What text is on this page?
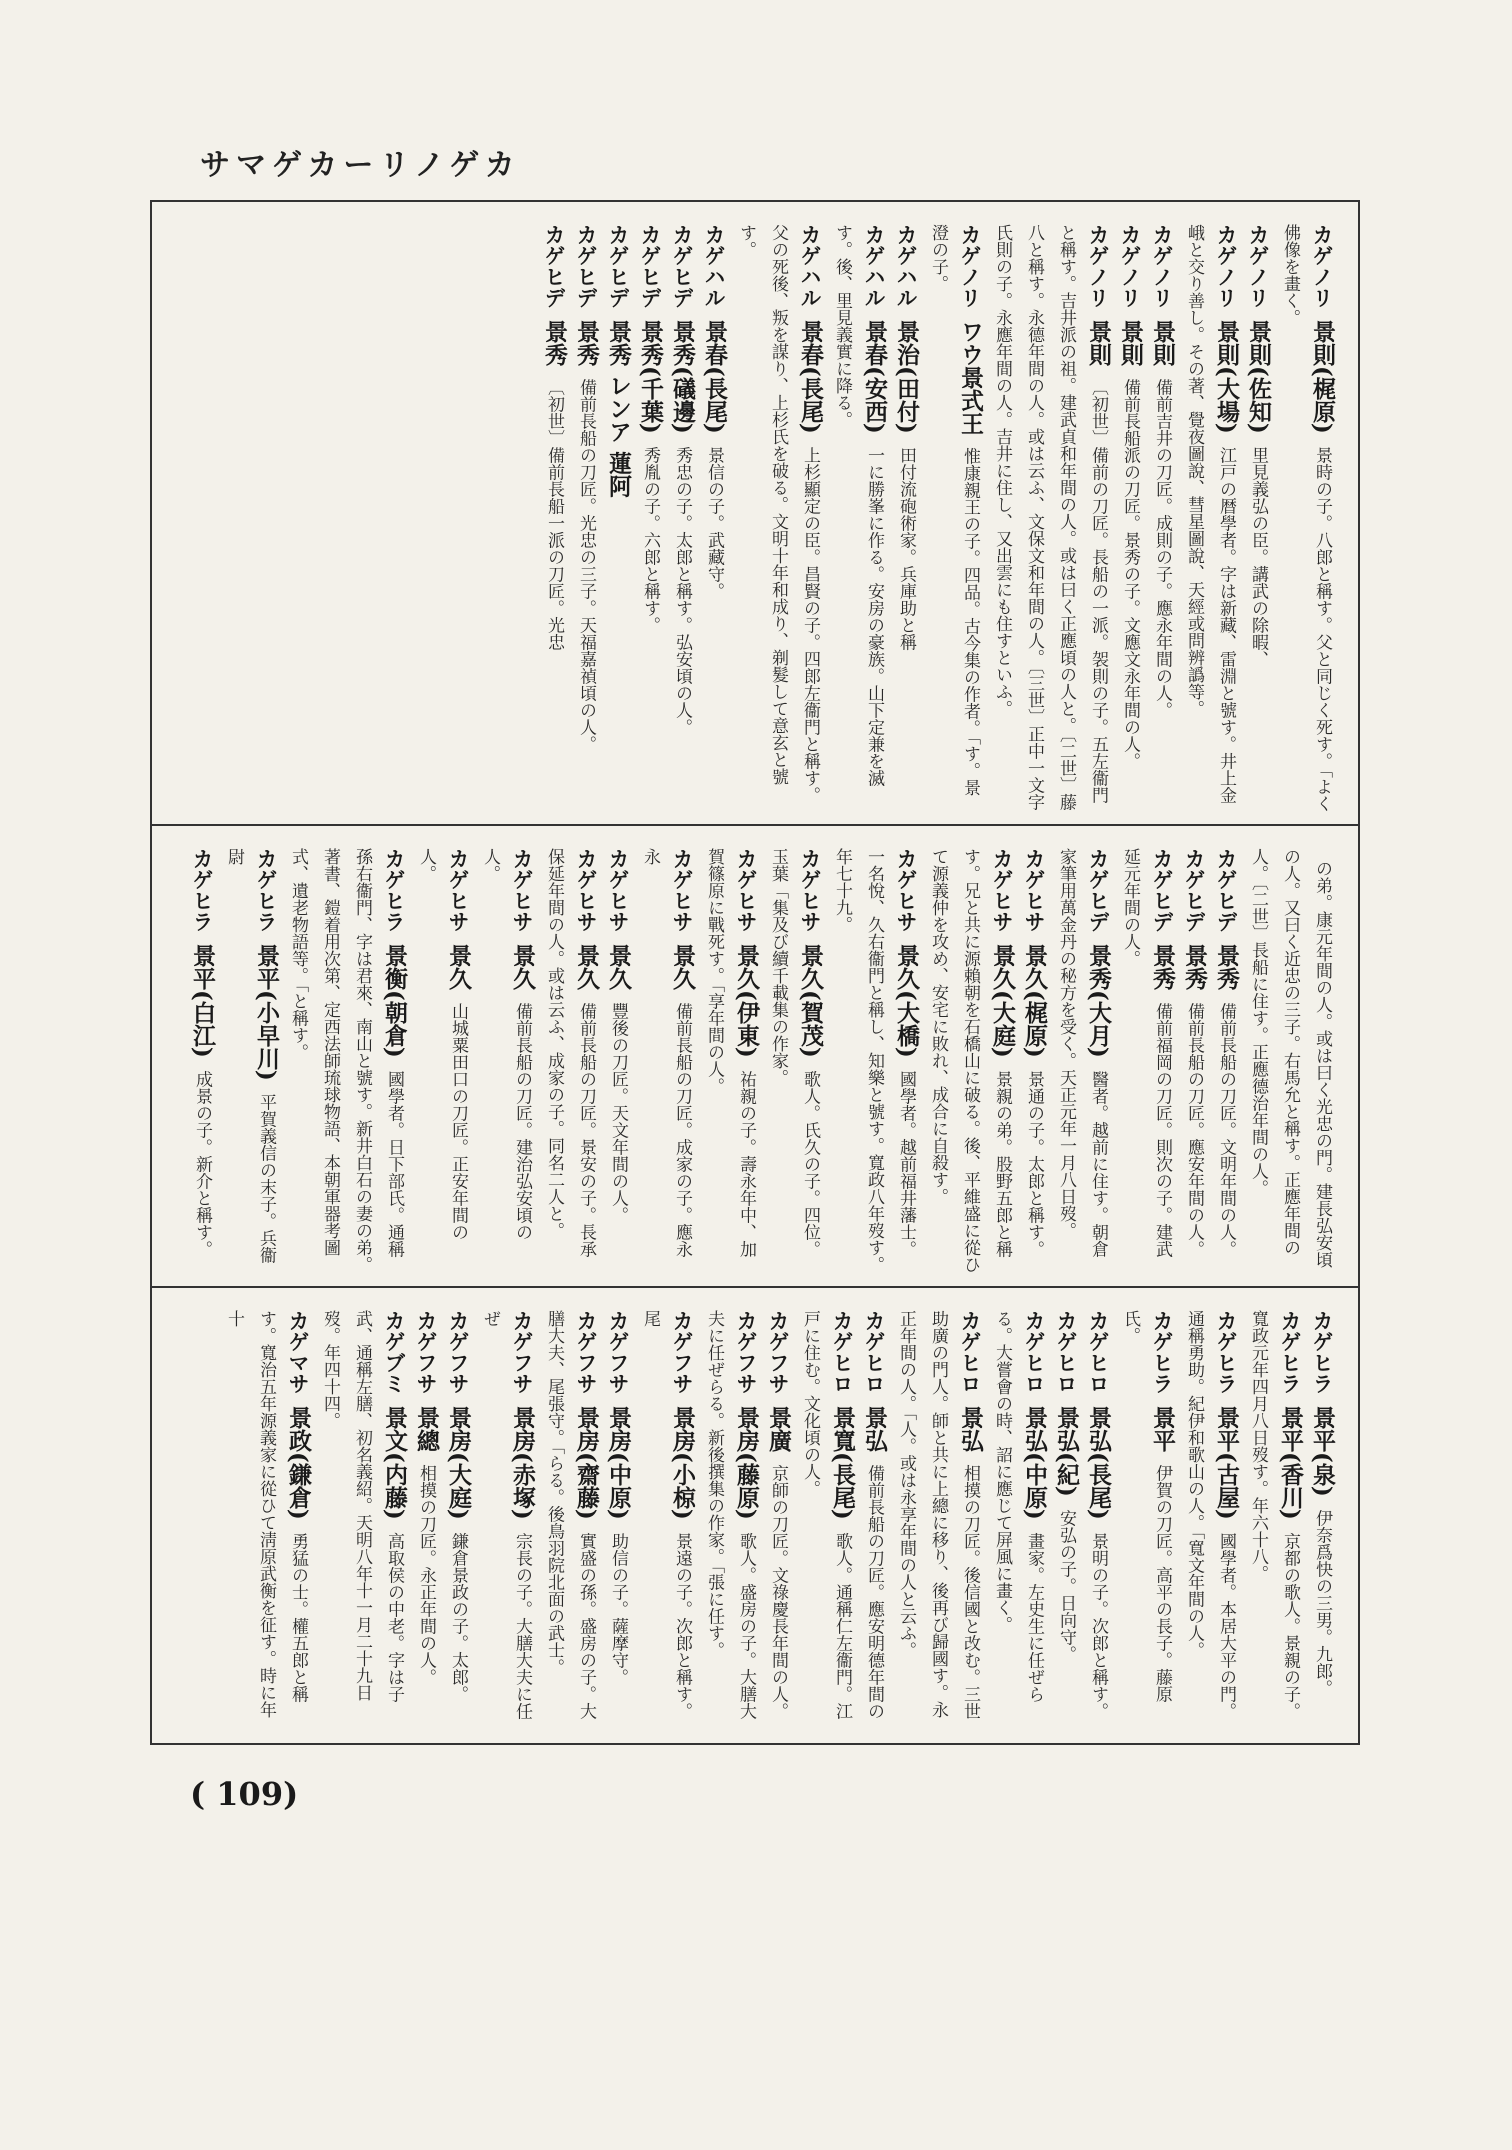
サマゲカーリノゲカ

カゲノリ 景則(梶原) 景時の子。八郎と稱す。父と同じく死す。「よく佛像を畫く。

カゲノリ 景則(佐知) 里見義弘の臣。講武の除暇、

カゲノリ 景則(大場) 江戸の暦學者。字は新藏、雷淵と號す。井上金峨と交り善し。その著、覺夜圖說、彗星圖說、天經或問辨譌等。

カゲノリ 景則 備前吉井の刀匠。成則の子。應永年間の人。

カゲノリ 景則 備前長船派の刀匠。景秀の子。文應文永年間の人。

カゲノリ 景則 〔初世〕備前の刀匠。長船の一派。袈則の子。五左衞門と稱す。吉井派の祖。建武貞和年間の人。或は曰く正應頃の人と。〔二世〕藤八と稱す。永德年間の人。或は云ふ、文保文和年間の人。〔三世〕正中一文字氏則の子。永應年間の人。吉井に住し、又出雲にも住すといふ。

カゲノリ ワウ景式王 惟康親王の子。四品。古今集の作者。「す。景澄の子。

カゲハル 景治(田付) 田付流砲術家。兵庫助と稱

カゲハル 景春(安西) 一に勝峯に作る。安房の豪族。山下定兼を滅す。後、里見義實に降る。

カゲハル 景春(長尾) 上杉顯定の臣。昌賢の子。四郎左衞門と稱す。父の死後、叛を謀り、上杉氏を破る。文明十年和成り、剃髮して意玄と號す。

カゲハル 景春(長尾) 景信の子。武藏守。

カゲヒデ 景秀(礒邊) 秀忠の子。太郎と稱す。弘安頃の人。

カゲヒデ 景秀(千葉) 秀胤の子。六郎と稱す。

カゲヒデ 景秀 レンア 蓮阿

カゲヒデ 景秀 備前長船の刀匠。光忠の三子。天福嘉禎頃の人。

カゲヒデ 景秀 〔初世〕備前長船一派の刀匠。光忠

の弟。康元年間の人。或は曰く光忠の門。建長弘安頃の人。又曰く近忠の三子。右馬允と稱す。正應年間の人。〔二世〕長船に住す。正應德治年間の人。

カゲヒデ 景秀 備前長船の刀匠。文明年間の人。

カゲヒデ 景秀 備前長船の刀匠。應安年間の人。

カゲヒデ 景秀 備前福岡の刀匠。則次の子。建武延元年間の人。

カゲヒデ 景秀(大月) 醫者。越前に住す。朝倉家筆用萬金丹の秘方を受く。天正元年一月八日歿。

カゲヒサ 景久(梶原) 景通の子。太郎と稱す。

カゲヒサ 景久(大庭) 景親の弟。股野五郎と稱す。兄と共に源賴朝を石橋山に破る。後、平維盛に從ひて源義仲を攻め、安宅に敗れ、成合に自殺す。

カゲヒサ 景久(大橋) 國學者。越前福井藩士。一名悅、久右衞門と稱し、知樂と號す。寬政八年歿す。年七十九。

カゲヒサ 景久(賀茂) 歌人。氏久の子。四位。玉葉「集及び續千載集の作家。

カゲヒサ 景久(伊東) 祐親の子。壽永年中、加賀篠原に戰死す。「享年間の人。

カゲヒサ 景久 備前長船の刀匠。成家の子。應永永

カゲヒサ 景久 豐後の刀匠。天文年間の人。

カゲヒサ 景久 備前長船の刀匠。景安の子。長承保延年間の人。或は云ふ、成家の子。同名二人と。

カゲヒサ 景久 備前長船の刀匠。建治弘安頃の人。

カゲヒサ 景久 山城粟田口の刀匠。正安年間の人。

カゲヒラ 景衡(朝倉) 國學者。日下部氏。通稱孫右衞門、字は君來、南山と號す。新井白石の妻の弟。著書、鎧着用次第、定西法師琉球物語、本朝軍器考圖式、遺老物語等。「と稱す。

カゲヒラ 景平(小早川) 平賀義信の末子。兵衞尉

カゲヒラ 景平(白江) 成景の子。新介と稱す。

カゲヒラ 景平(泉) 伊奈爲快の三男。九郎。

カゲヒラ 景平(香川) 京都の歌人。景親の子。寬政元年四月八日歿す。年六十八。

カゲヒラ 景平(古屋) 國學者。本居大平の門。通稱勇助。紀伊和歌山の人。「寬文年間の人。

カゲヒラ 景平 伊賀の刀匠。高平の長子。藤原氏。

カゲヒロ 景弘(長尾) 景明の子。次郎と稱す。

カゲヒロ 景弘(紀) 安弘の子。日向守。

カゲヒロ 景弘(中原) 畫家。左史生に任ぜらる。大嘗會の時、詔に應じて屏風に畫く。

カゲヒロ 景弘 相摸の刀匠。後信國と改む。三世助廣の門人。師と共に上總に移り、後再び歸國す。永正年間の人。「人。或は永享年間の人と云ふ。

カゲヒロ 景弘 備前長船の刀匠。應安明德年間の

カゲヒロ 景寬(長尾) 歌人。通稱仁左衞門。江戸に住む。文化頃の人。

カゲフサ 景廣 京師の刀匠。文祿慶長年間の人。

カゲフサ 景房(藤原) 歌人。盛房の子。大膳大夫に任ぜらる。新後撰集の作家。「張に任す。

カゲフサ 景房(小椋) 景遠の子。次郎と稱す。尾

カゲフサ 景房(中原) 助信の子。薩摩守。

カゲフサ 景房(齋藤) 實盛の孫。盛房の子。大膳大夫、尾張守。「らる。後鳥羽院北面の武士。

カゲフサ 景房(赤塚) 宗長の子。大膳大夫に任ぜ

カゲフサ 景房(大庭) 鎌倉景政の子。太郎。

カゲフサ 景總 相摸の刀匠。永正年間の人。

カゲブミ 景文(内藤) 高取侯の中老。字は子武、通稱左膳、初名義紹。天明八年十一月二十九日歿。年四十四。

カゲマサ 景政(鎌倉) 勇猛の士。權五郎と稱す。寬治五年源義家に從ひて淸原武衡を征す。時に年十

( 109)
